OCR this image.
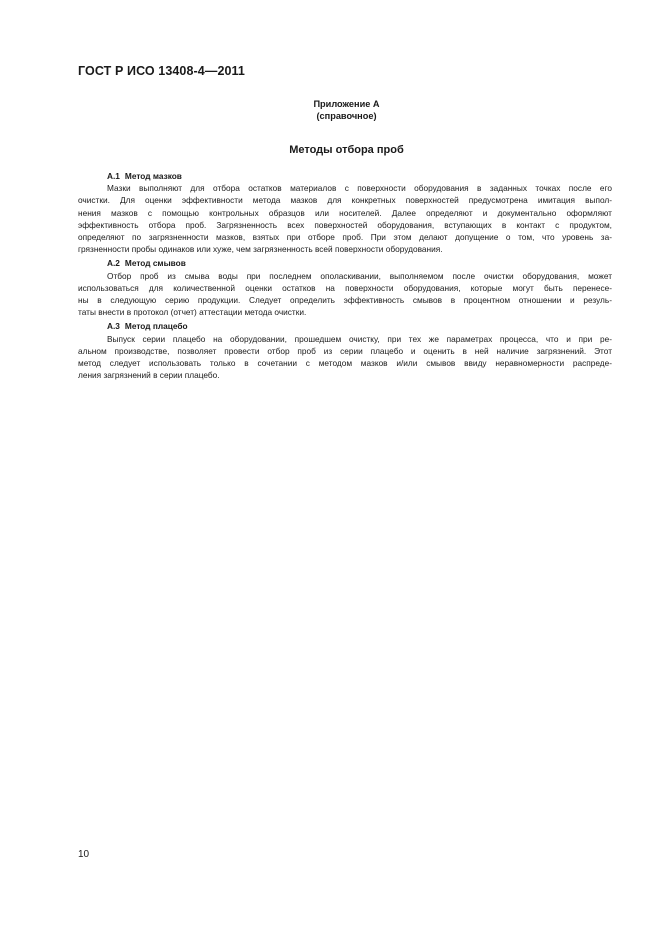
ГОСТ Р ИСО 13408-4—2011
Приложение А
(справочное)
Методы отбора проб

А.1 Метод мазков

Мазки выполняют для отбора остатков материалов с поверхности оборудования в заданных точках после его
очистки. Для оценки эффективности метода мазков для конкретных поверхностей предусмотрена имитация выпол-
нения мазков с помощью контрольных образцов или носителей. Далее определяют и документально оформляют
эффективность отбора проб. Загрязненность всех поверхностей оборудования, вступающих в контакт с продуктом,
определяют по загрязненности мазков, взятых при отборе проб. При этом делают допущение о том, что уровень за-
грязненности пробы одинаков или хуже, чем загрязненность всей поверхности оборудования.

А.2 Метод смывов

Отбор проб из смыва воды при последнем ополаскивании, выполняемом после очистки оборудования, может
использоваться для количественной оценки остатков на поверхности оборудования, которые могут быть перенесе-
ны в следующую серию продукции. Следует определить эффективность смывов в процентном отношении и резуль-
таты внести в протокол (отчет) аттестации метода очистки.

А.3 Метод плацебо

Выпуск серии плацебо на оборудовании, прошедшем очистку, при тех же параметрах процесса, что и при ре-
альном производстве, позволяет провести отбор проб из серии плацебо и оценить в ней наличие загрязнений. Этот
метод следует использовать только в сочетании с методом мазков и/или смывов ввиду неравномерности распреде-
ления загрязнений в серии плацебо.

10
